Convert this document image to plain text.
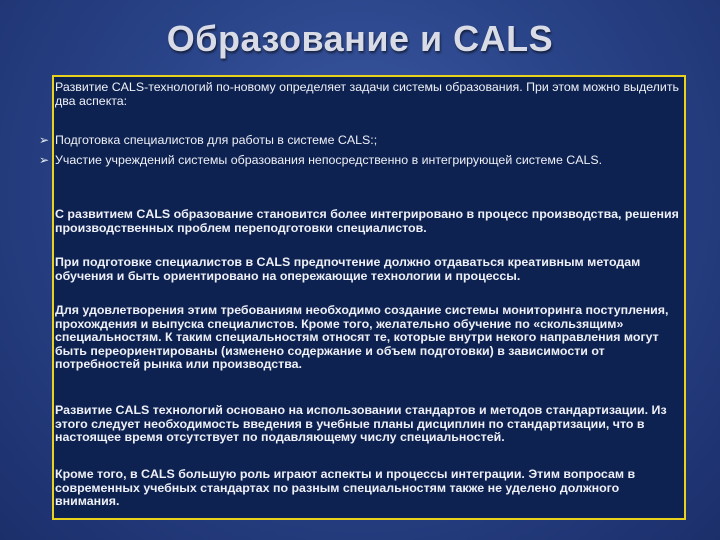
Образование и CALS

Развитие CALS-технологий по-новому определяет задачи системы образования. При этом можно выделить два аспекта:

➢ Подготовка специалистов для работы в системе CALS:;

➢ Участие учреждений системы образования непосредственно в интегрирующей системе CALS.

С развитием CALS образование становится более интегрировано в процесс производства, решения производственных проблем переподготовки специалистов.

При подготовке специалистов в CALS предпочтение должно отдаваться креативным методам обучения и быть ориентировано на опережающие технологии и процессы.

Для удовлетворения этим требованиям необходимо создание системы мониторинга поступления, прохождения и выпуска специалистов. Кроме того, желательно обучение по «скользящим» специальностям. К таким специальностям относят те, которые внутри некого направления могут быть переориентированы (изменено содержание и объем подготовки) в зависимости от потребностей рынка или производства.

Развитие CALS технологий основано на использовании стандартов и методов стандартизации. Из этого следует необходимость введения в учебные планы дисциплин по стандартизации, что в настоящее время отсутствует по подавляющему числу специальностей.

Кроме того, в CALS большую роль играют аспекты и процессы интеграции. Этим вопросам в современных учебных стандартах по разным специальностям также не уделено должного внимания.
